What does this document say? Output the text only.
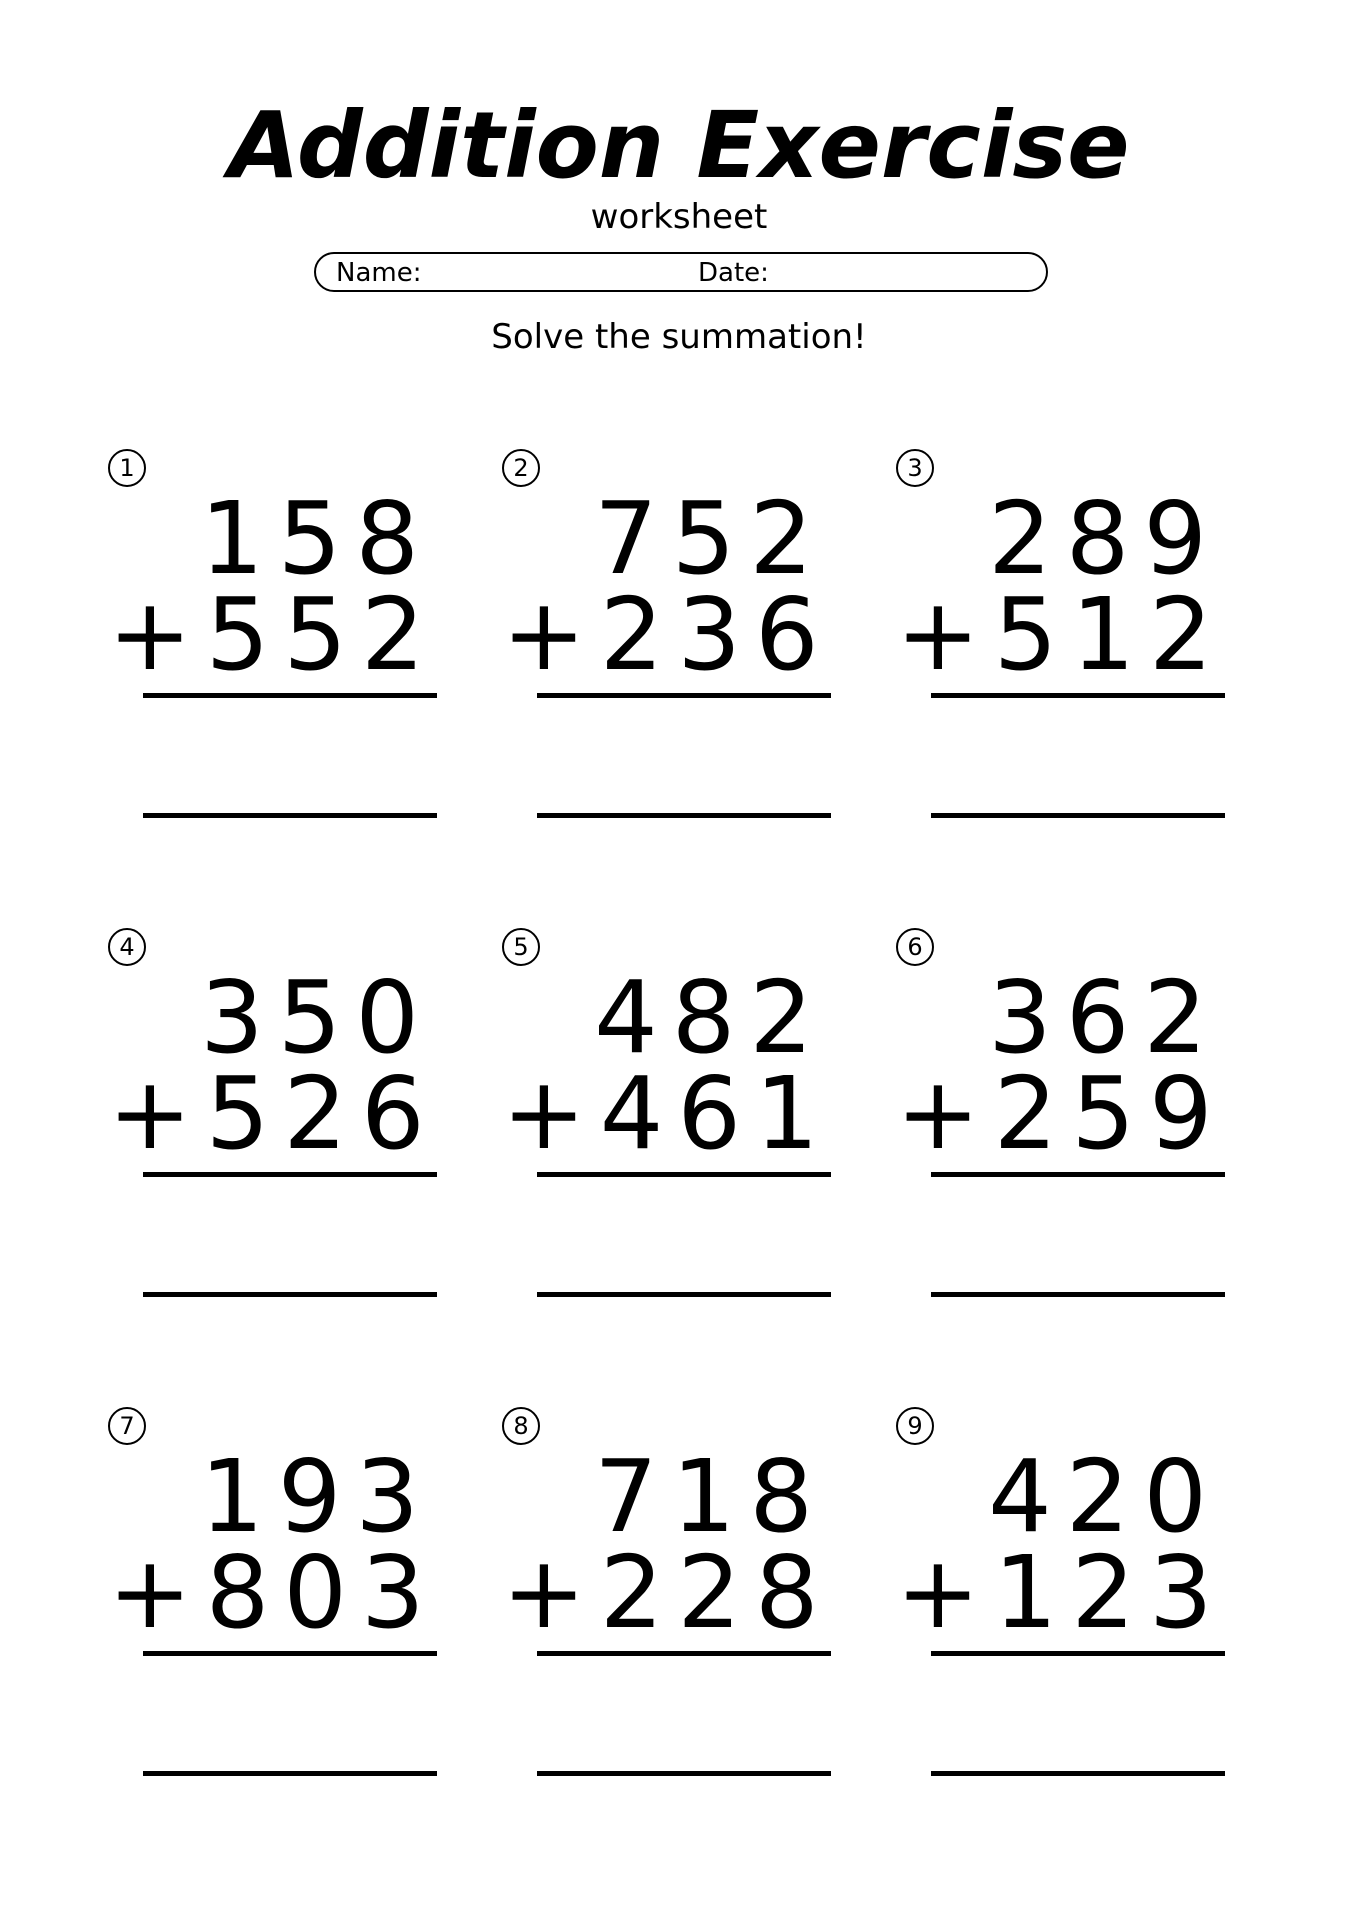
Addition Exercise
worksheet
Name:	Date:
Solve the summation!
1
158
+552
2
752
+236
3
289
+512
4
350
+526
5
482
+461
6
362
+259
7
193
+803
8
718
+228
9
420
+123
